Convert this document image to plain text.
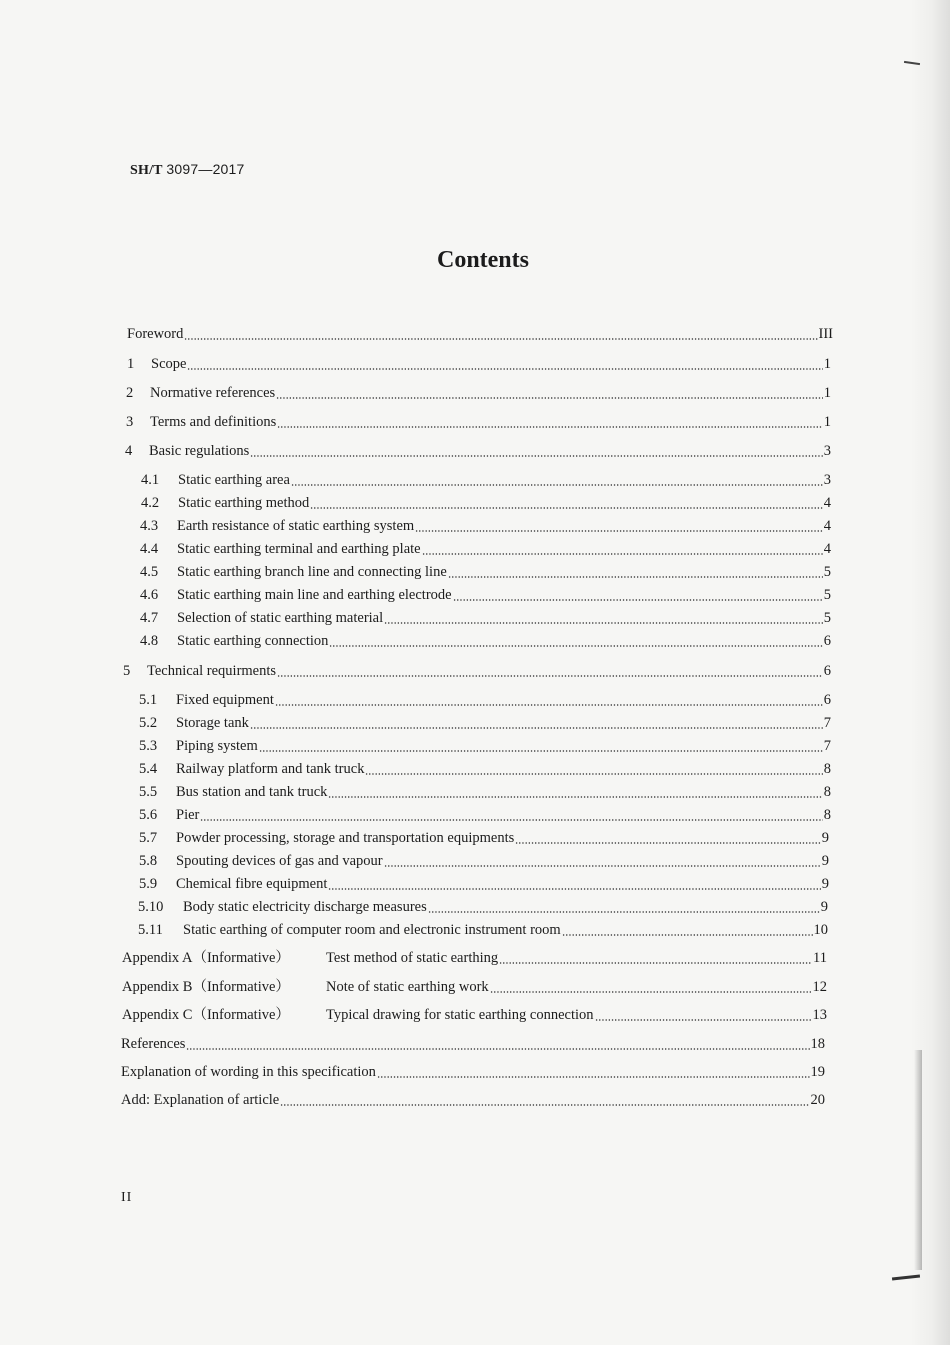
SH/T 3097—2017
Contents
Foreword	III
1	Scope	1
2	Normative references	1
3	Terms and definitions	1
4	Basic regulations	3
4.1	Static earthing area	3
4.2	Static earthing method	4
4.3	Earth resistance of static earthing system	4
4.4	Static earthing terminal and earthing plate	4
4.5	Static earthing branch line and connecting line	5
4.6	Static earthing main line and earthing electrode	5
4.7	Selection of static earthing material	5
4.8	Static earthing connection	6
5	Technical requirments	6
5.1	Fixed equipment	6
5.2	Storage tank	7
5.3	Piping system	7
5.4	Railway platform and tank truck	8
5.5	Bus station and tank truck	8
5.6	Pier	8
5.7	Powder processing, storage and transportation equipments	9
5.8	Spouting devices of gas and vapour	9
5.9	Chemical fibre equipment	9
5.10	Body static electricity discharge measures	9
5.11	Static earthing of computer room and electronic instrument room	10
Appendix A（Informative）	Test method of static earthing	11
Appendix B（Informative）	Note of static earthing work	12
Appendix C（Informative）	Typical drawing for static earthing connection	13
References	18
Explanation of wording in this specification	19
Add: Explanation of article	20
II
